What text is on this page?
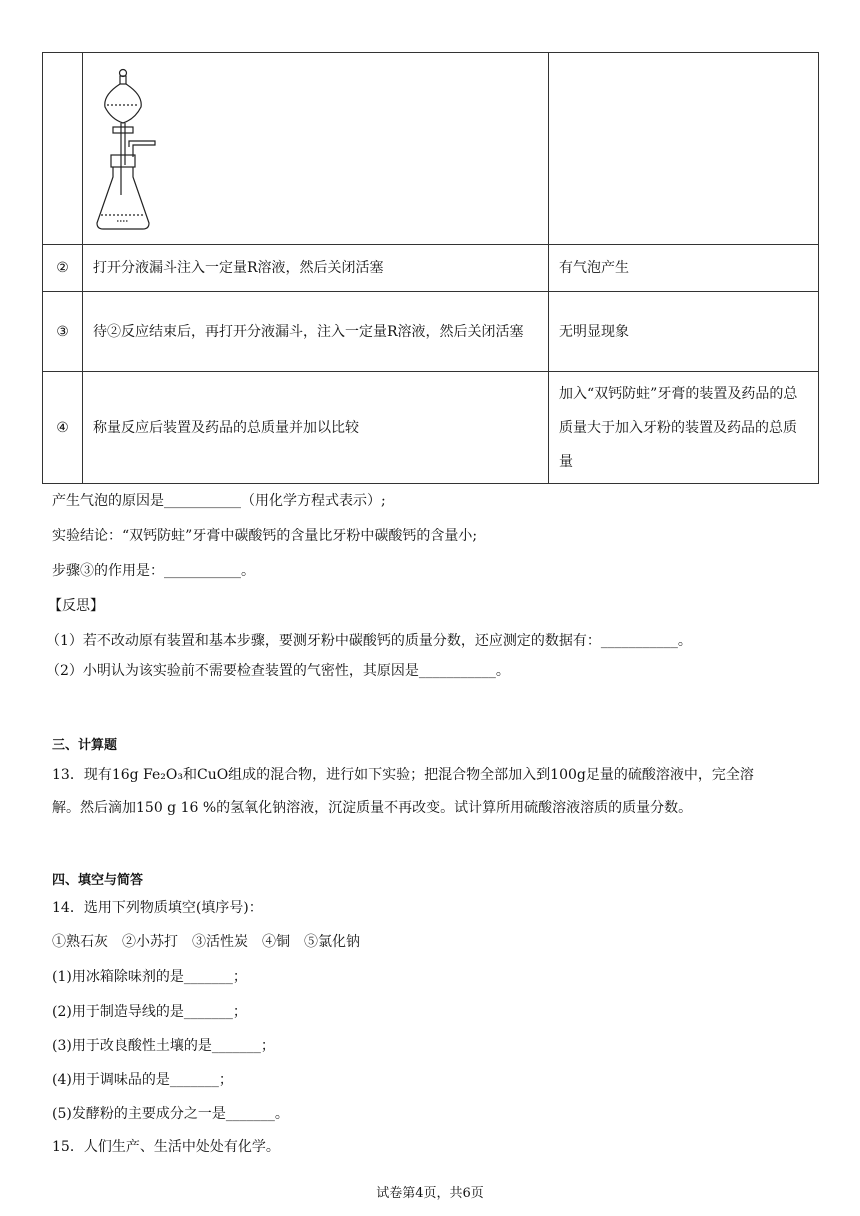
②	打开分液漏斗注入一定量R溶液，然后关闭活塞	有气泡产生
③	待②反应结束后，再打开分液漏斗，注入一定量R溶液，然后关闭活塞	无明显现象
④	称量反应后装置及药品的总质量并加以比较	加入“双钙防蛀”牙膏的装置及药品的总质量大于加入牙粉的装置及药品的总质量
产生气泡的原因是___________（用化学方程式表示）;
实验结论：“双钙防蛀”牙膏中碳酸钙的含量比牙粉中碳酸钙的含量小;
步骤③的作用是：___________。
【反思】
（1）若不改动原有装置和基本步骤，要测牙粉中碳酸钙的质量分数，还应测定的数据有：___________。
（2）小明认为该实验前不需要检查装置的气密性，其原因是___________。
三、计算题
13．现有16g Fe₂O₃和CuO组成的混合物，进行如下实验；把混合物全部加入到100g足量的硫酸溶液中，完全溶
解。然后滴加150 g 16 %的氢氧化钠溶液，沉淀质量不再改变。试计算所用硫酸溶液溶质的质量分数。
四、填空与简答
14．选用下列物质填空(填序号)：
①熟石灰　②小苏打　③活性炭　④铜　⑤氯化钠
(1)用冰箱除味剂的是_______；
(2)用于制造导线的是_______；
(3)用于改良酸性土壤的是_______；
(4)用于调味品的是_______；
(5)发酵粉的主要成分之一是_______。
15．人们生产、生活中处处有化学。
试卷第4页，共6页
